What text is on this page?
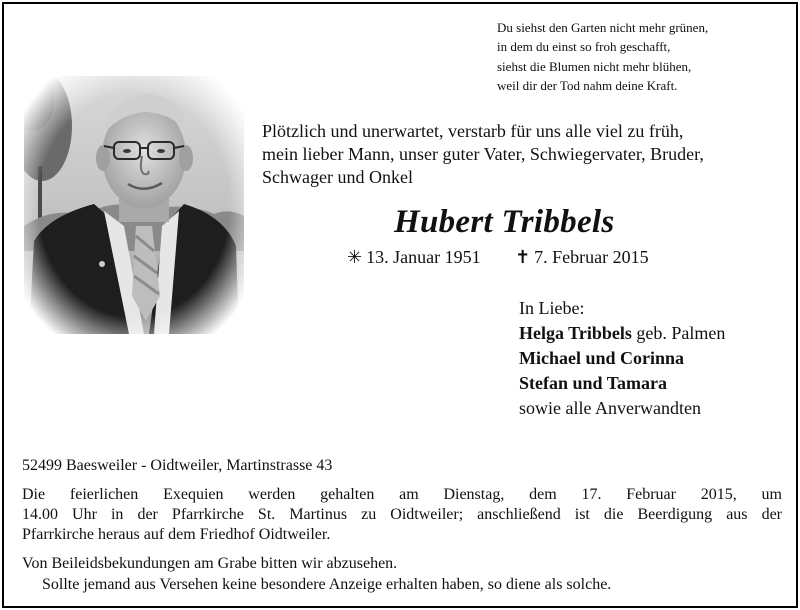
Du siehst den Garten nicht mehr grünen,
in dem du einst so froh geschafft,
siehst die Blumen nicht mehr blühen,
weil dir der Tod nahm deine Kraft.
Plötzlich und unerwartet, verstarb für uns alle viel zu früh,
mein lieber Mann, unser guter Vater, Schwiegervater, Bruder,
Schwager und Onkel
Hubert Tribbels
✳ 13. Januar 1951 ✝ 7. Februar 2015
In Liebe:
Helga Tribbels geb. Palmen
Michael und Corinna
Stefan und Tamara
sowie alle Anverwandten
52499 Baesweiler - Oidtweiler, Martinstrasse 43
Die feierlichen Exequien werden gehalten am Dienstag, dem 17. Februar 2015, um
14.00 Uhr in der Pfarrkirche St. Martinus zu Oidtweiler; anschließend ist die Beerdigung aus der
Pfarrkirche heraus auf dem Friedhof Oidtweiler.
Von Beileidsbekundungen am Grabe bitten wir abzusehen.
Sollte jemand aus Versehen keine besondere Anzeige erhalten haben, so diene als solche.
